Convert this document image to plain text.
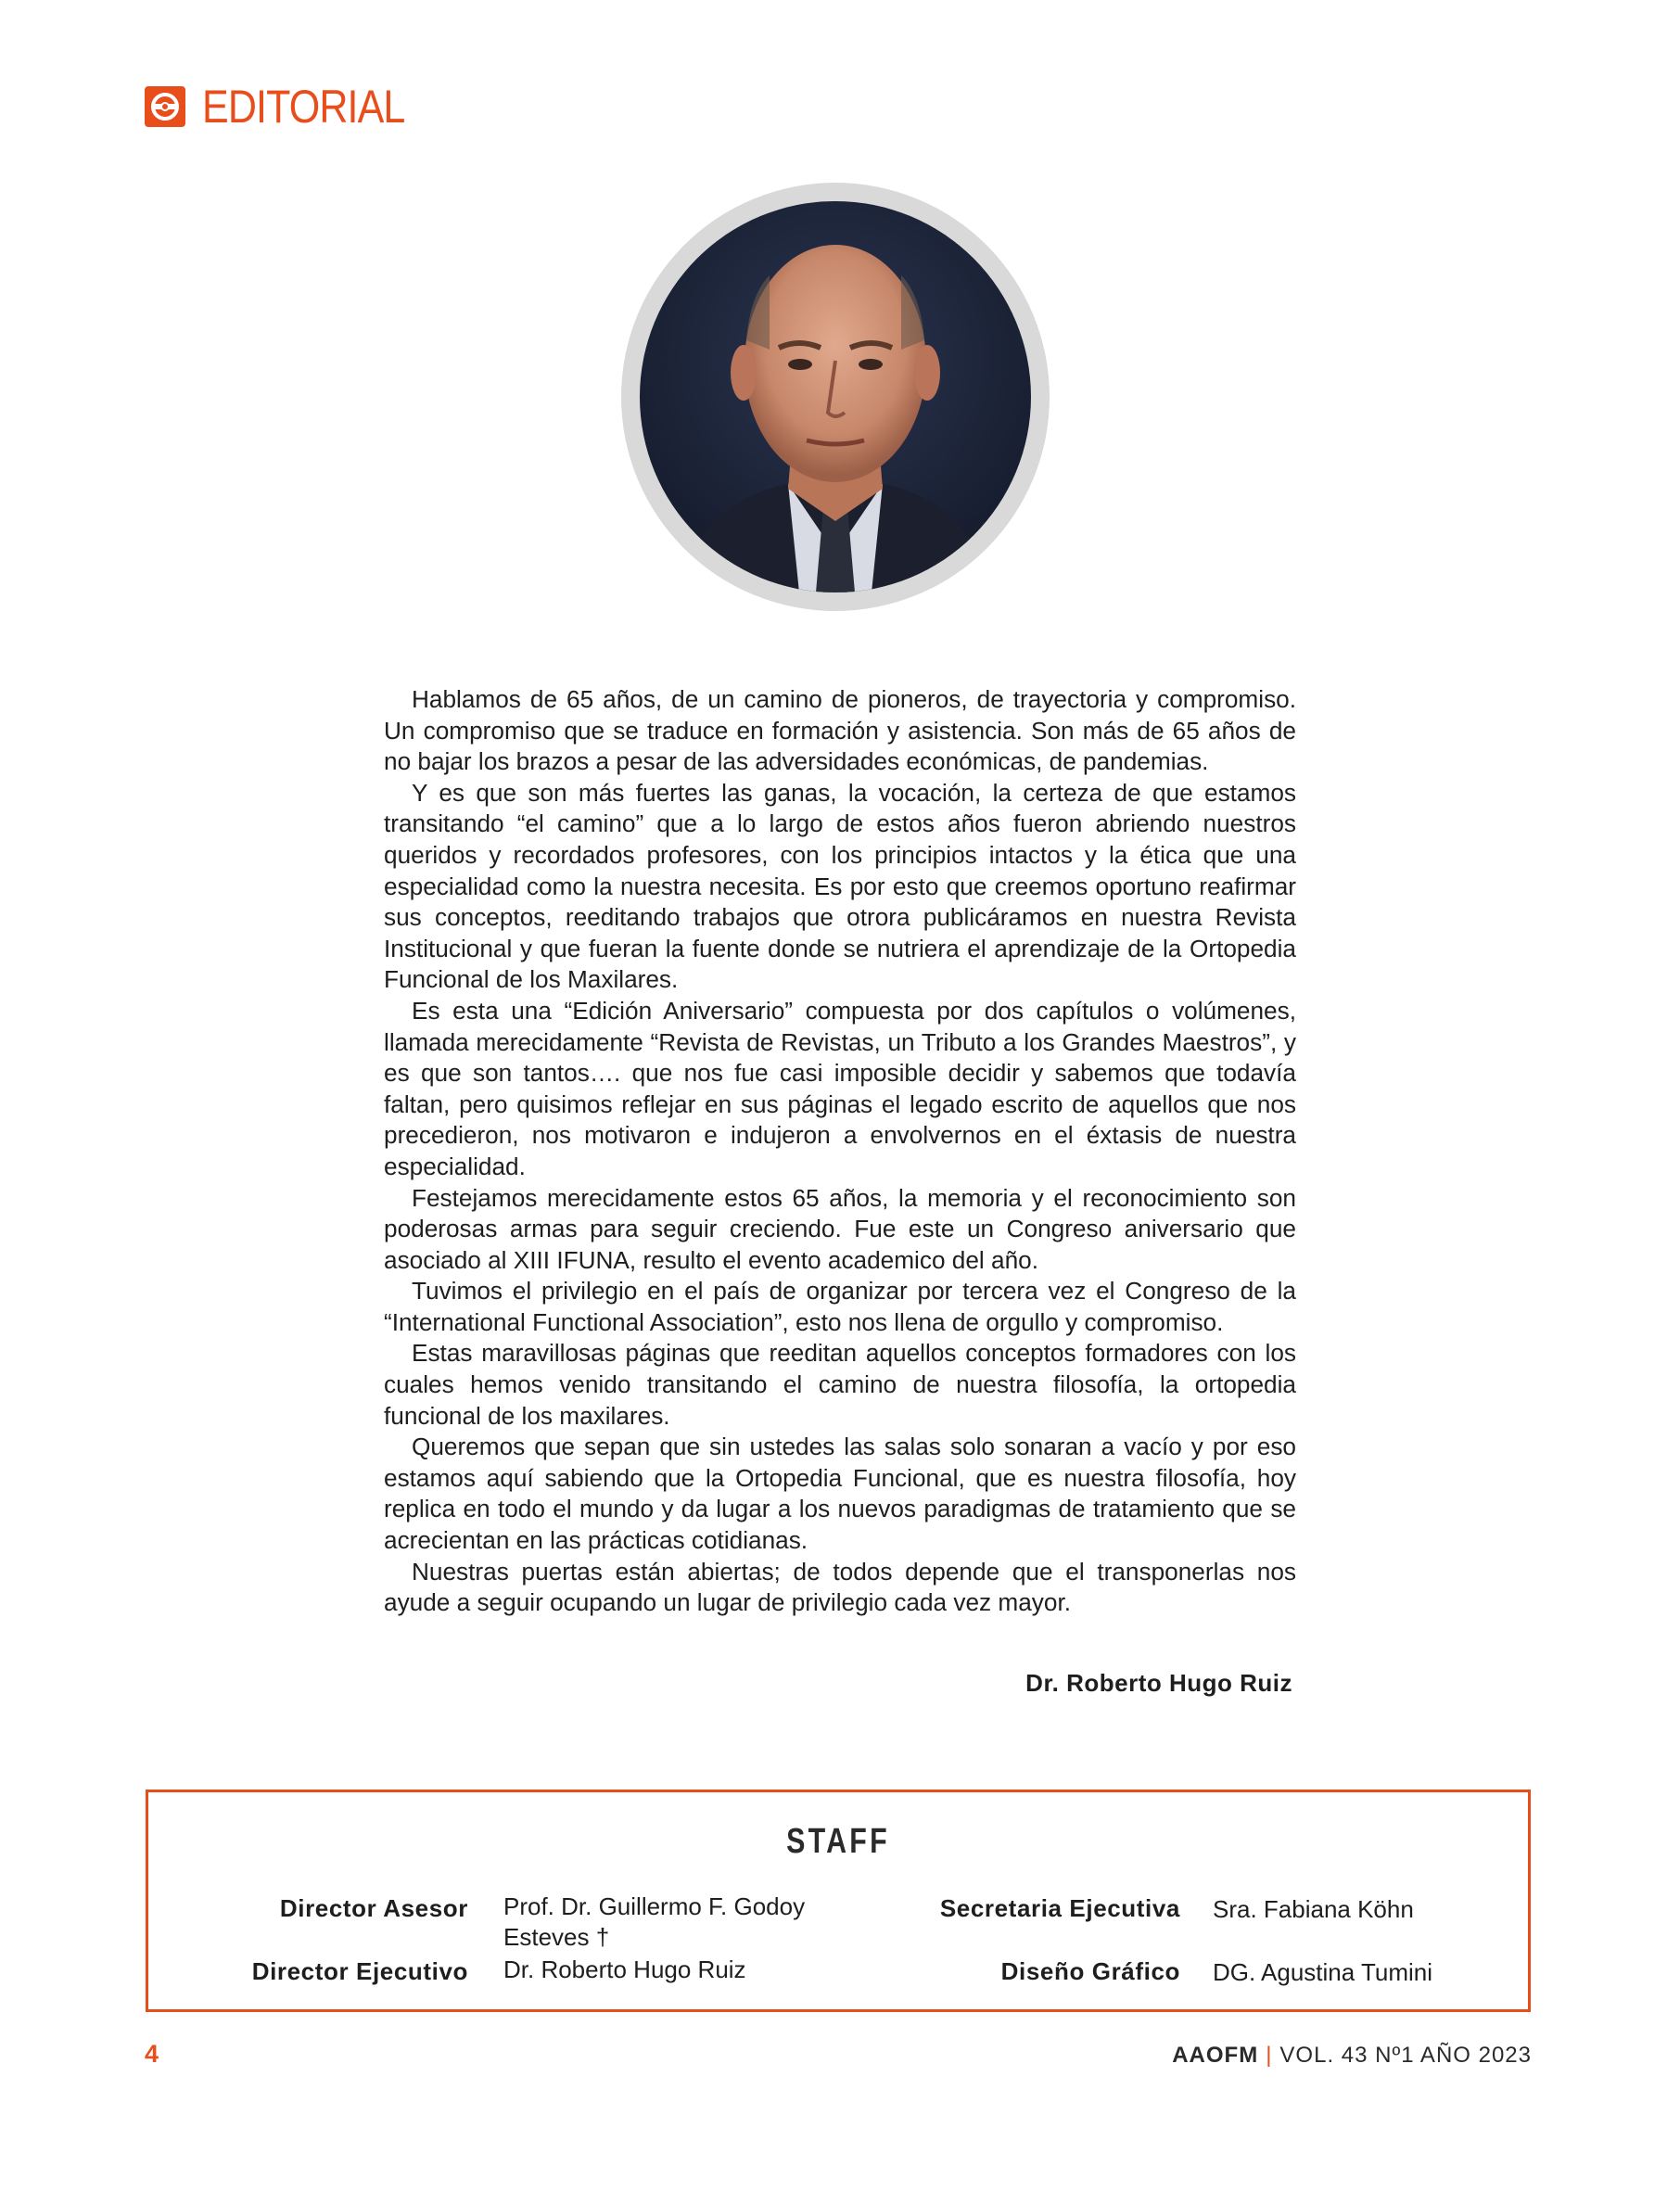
EDITORIAL

Hablamos de 65 años, de un camino de pioneros, de trayectoria y compromiso. Un compromiso que se traduce en formación y asistencia. Son más de 65 años de no bajar los brazos a pesar de las adversidades económicas, de pandemias.

Y es que son más fuertes las ganas, la vocación, la certeza de que estamos transitando “el camino” que a lo largo de estos años fueron abriendo nuestros queridos y recordados profesores, con los principios intactos y la ética que una especialidad como la nuestra necesita. Es por esto que creemos oportuno reafirmar sus conceptos, reeditando trabajos que otrora publicáramos en nuestra Revista Institucional y que fueran la fuente donde se nutriera el aprendizaje de la Ortopedia Funcional de los Maxilares.

Es esta una “Edición Aniversario” compuesta por dos capítulos o volúmenes, llamada merecidamente “Revista de Revistas, un Tributo a los Grandes Maestros”, y es que son tantos…. que nos fue casi imposible decidir y sabemos que todavía faltan, pero quisimos reflejar en sus páginas el legado escrito de aquellos que nos precedieron, nos motivaron e indujeron a envolvernos en el éxtasis de nuestra especialidad.

Festejamos merecidamente estos 65 años, la memoria y el reconocimiento son poderosas armas para seguir creciendo. Fue este un Congreso aniversario que asociado al XIII IFUNA, resulto el evento academico del año.

Tuvimos el privilegio en el país de organizar por tercera vez el Congreso de la “International Functional Association”, esto nos llena de orgullo y compromiso.

Estas maravillosas páginas que reeditan aquellos conceptos formadores con los cuales hemos venido transitando el camino de nuestra filosofía, la ortopedia funcional de los maxilares.

Queremos que sepan que sin ustedes las salas solo sonaran a vacío y por eso estamos aquí sabiendo que la Ortopedia Funcional, que es nuestra filosofía, hoy replica en todo el mundo y da lugar a los nuevos paradigmas de tratamiento que se acrecientan en las prácticas cotidianas.

Nuestras puertas están abiertas; de todos depende que el transponerlas nos ayude a seguir ocupando un lugar de privilegio cada vez mayor.

Dr. Roberto Hugo Ruiz
STAFF
Director Asesor Prof. Dr. Guillermo F. Godoy Esteves †
Director Ejecutivo Dr. Roberto Hugo Ruiz
Secretaria Ejecutiva Sra. Fabiana Köhn
Diseño Gráfico DG. Agustina Tumini
4	AAOFM | VOL. 43 Nº1 AÑO 2023
